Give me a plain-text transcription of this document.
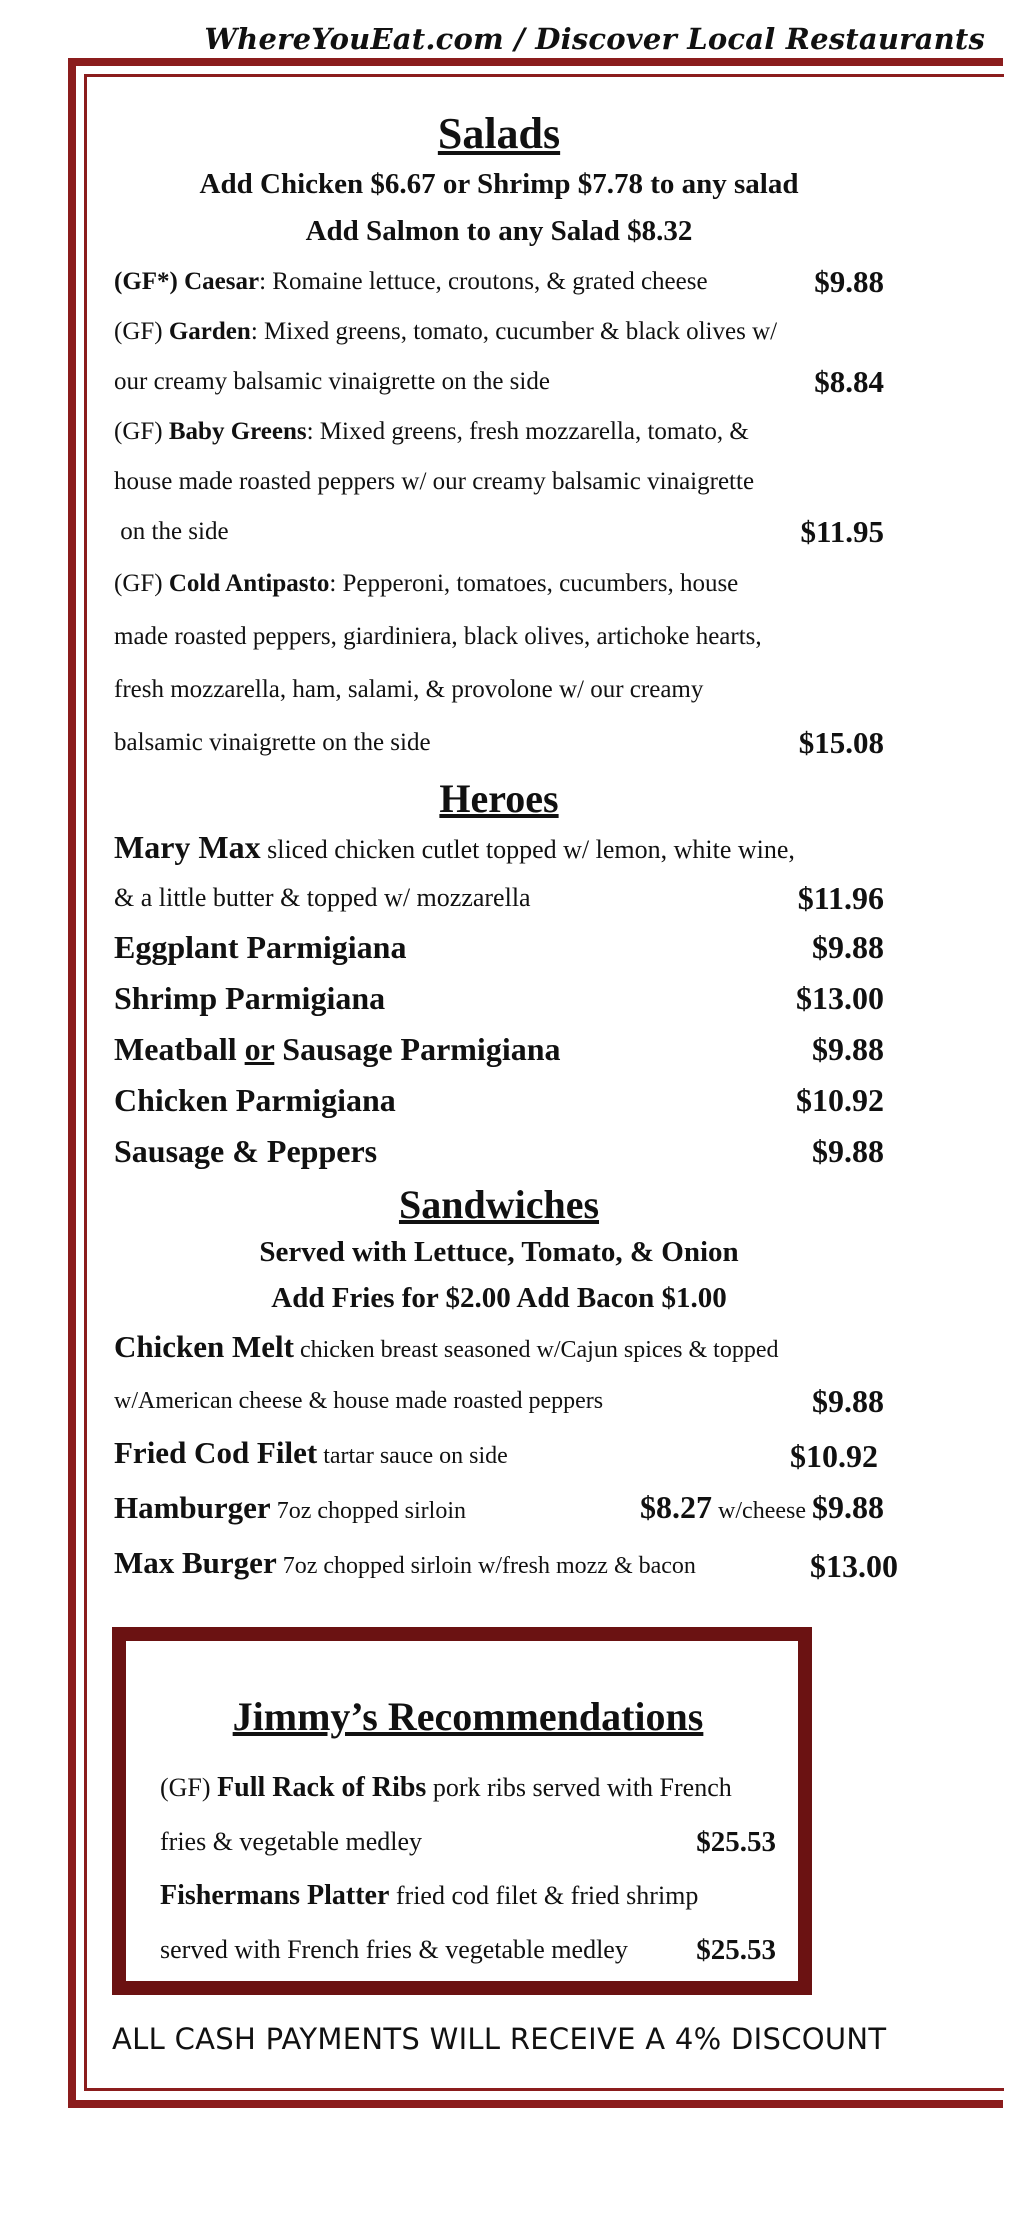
WhereYouEat.com / Discover Local Restaurants
Salads
Add Chicken $6.67 or Shrimp $7.78 to any salad
Add Salmon to any Salad $8.32
(GF*) Caesar: Romaine lettuce, croutons, & grated cheese	$9.88
(GF) Garden: Mixed greens, tomato, cucumber & black olives w/
our creamy balsamic vinaigrette on the side	$8.84
(GF) Baby Greens: Mixed greens, fresh mozzarella, tomato, &
house made roasted peppers w/ our creamy balsamic vinaigrette
on the side	$11.95
(GF) Cold Antipasto: Pepperoni, tomatoes, cucumbers, house
made roasted peppers, giardiniera, black olives, artichoke hearts,
fresh mozzarella, ham, salami, & provolone w/ our creamy
balsamic vinaigrette on the side	$15.08
Heroes
Mary Max sliced chicken cutlet topped w/ lemon, white wine,
& a little butter & topped w/ mozzarella	$11.96
Eggplant Parmigiana	$9.88
Shrimp Parmigiana	$13.00
Meatball or Sausage Parmigiana	$9.88
Chicken Parmigiana	$10.92
Sausage & Peppers	$9.88
Sandwiches
Served with Lettuce, Tomato, & Onion
Add Fries for $2.00 Add Bacon $1.00
Chicken Melt chicken breast seasoned w/Cajun spices & topped
w/American cheese & house made roasted peppers	$9.88
Fried Cod Filet tartar sauce on side	$10.92
Hamburger 7oz chopped sirloin	$8.27 w/cheese $9.88
Max Burger 7oz chopped sirloin w/fresh mozz & bacon	$13.00
Jimmy’s Recommendations
(GF) Full Rack of Ribs pork ribs served with French
fries & vegetable medley	$25.53
Fishermans Platter fried cod filet & fried shrimp
served with French fries & vegetable medley	$25.53
ALL CASH PAYMENTS WILL RECEIVE A 4% DISCOUNT
